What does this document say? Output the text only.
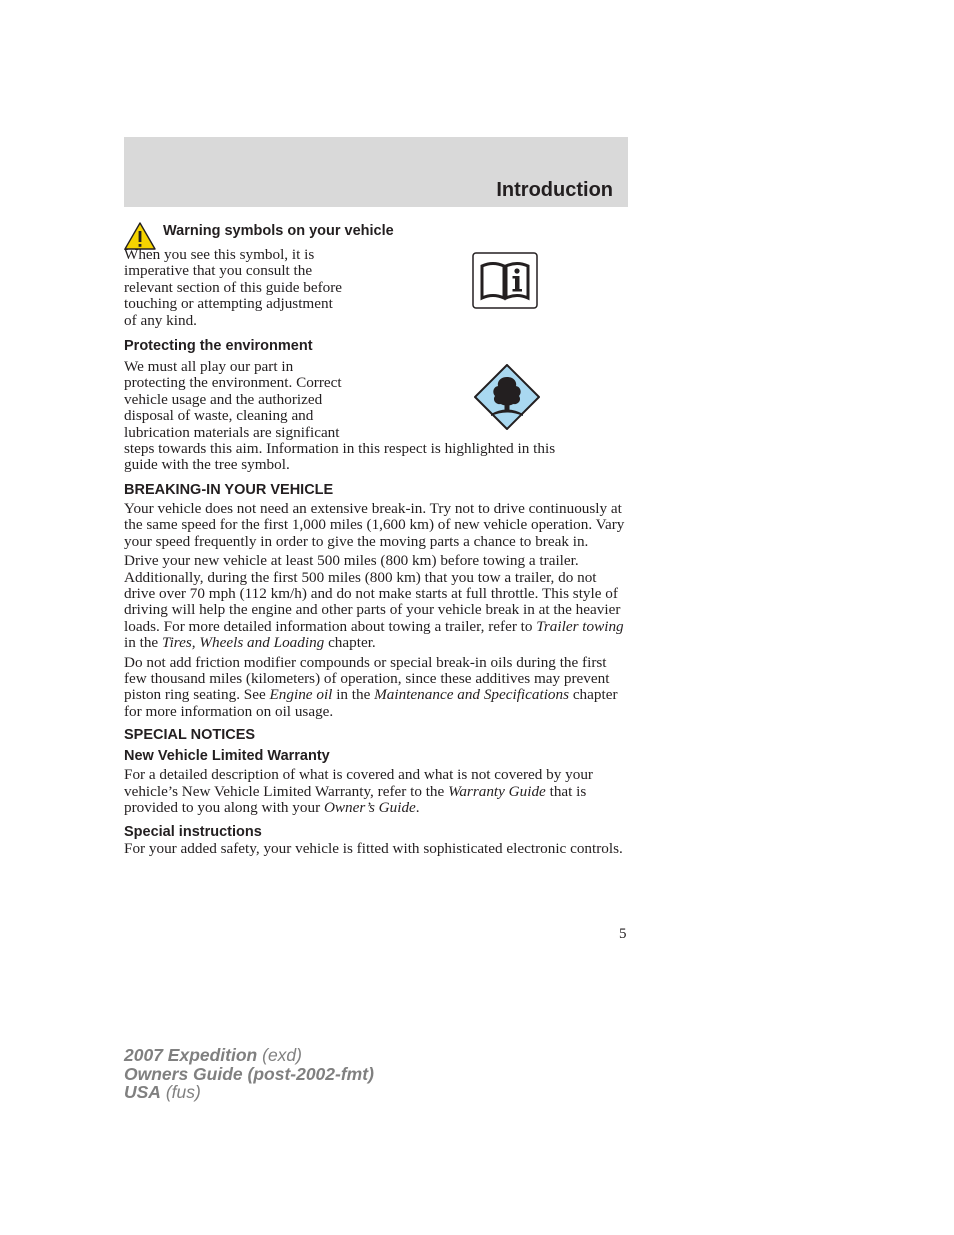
Introduction
Warning symbols on your vehicle
When you see this symbol, it is
imperative that you consult the
relevant section of this guide before
touching or attempting adjustment
of any kind.
Protecting the environment
We must all play our part in
protecting the environment. Correct
vehicle usage and the authorized
disposal of waste, cleaning and
lubrication materials are significant
steps towards this aim. Information in this respect is highlighted in this
guide with the tree symbol.
BREAKING-IN YOUR VEHICLE
Your vehicle does not need an extensive break-in. Try not to drive continuously at the same speed for the first 1,000 miles (1,600 km) of new vehicle operation. Vary your speed frequently in order to give the moving parts a chance to break in.
Drive your new vehicle at least 500 miles (800 km) before towing a trailer. Additionally, during the first 500 miles (800 km) that you tow a trailer, do not drive over 70 mph (112 km/h) and do not make starts at full throttle. This style of driving will help the engine and other parts of your vehicle break in at the heavier loads. For more detailed information about towing a trailer, refer to Trailer towing in the Tires, Wheels and Loading chapter.
Do not add friction modifier compounds or special break-in oils during the first few thousand miles (kilometers) of operation, since these additives may prevent piston ring seating. See Engine oil in the Maintenance and Specifications chapter for more information on oil usage.
SPECIAL NOTICES
New Vehicle Limited Warranty
For a detailed description of what is covered and what is not covered by your vehicle’s New Vehicle Limited Warranty, refer to the Warranty Guide that is provided to you along with your Owner’s Guide.
Special instructions
For your added safety, your vehicle is fitted with sophisticated electronic controls.
5
2007 Expedition (exd)
Owners Guide (post-2002-fmt)
USA (fus)
